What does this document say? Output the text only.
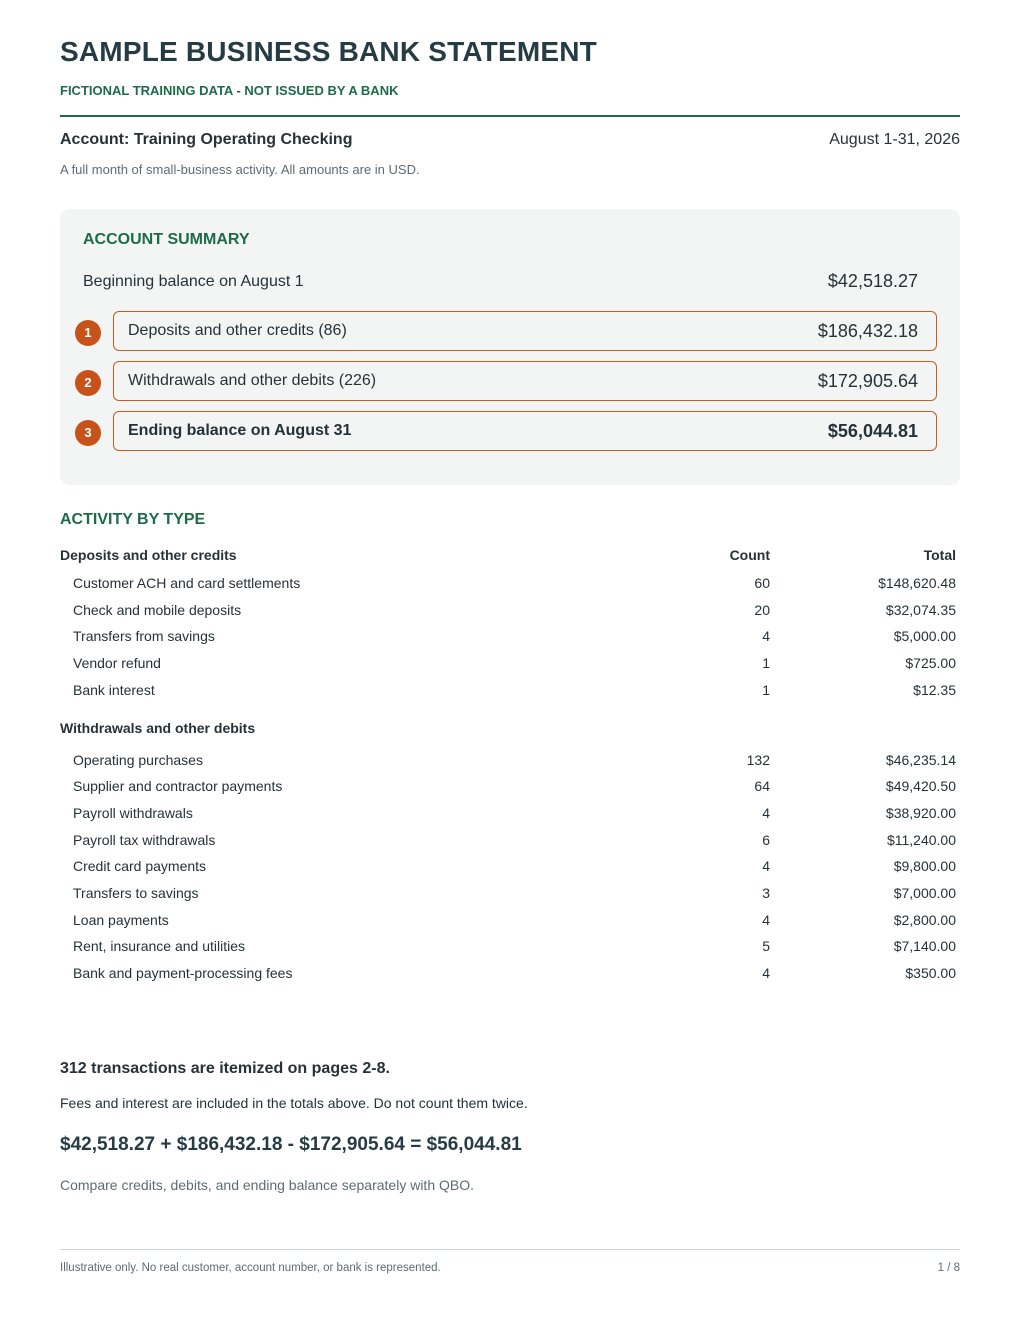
SAMPLE BUSINESS BANK STATEMENT
FICTIONAL TRAINING DATA - NOT ISSUED BY A BANK
Account: Training Operating Checking	August 1-31, 2026
A full month of small-business activity. All amounts are in USD.
ACCOUNT SUMMARY
Beginning balance on August 1	$42,518.27
1	Deposits and other credits (86)	$186,432.18
2	Withdrawals and other debits (226)	$172,905.64
3	Ending balance on August 31	$56,044.81
ACTIVITY BY TYPE
Deposits and other credits	Count	Total
Customer ACH and card settlements	60	$148,620.48
Check and mobile deposits	20	$32,074.35
Transfers from savings	4	$5,000.00
Vendor refund	1	$725.00
Bank interest	1	$12.35
Withdrawals and other debits
Operating purchases	132	$46,235.14
Supplier and contractor payments	64	$49,420.50
Payroll withdrawals	4	$38,920.00
Payroll tax withdrawals	6	$11,240.00
Credit card payments	4	$9,800.00
Transfers to savings	3	$7,000.00
Loan payments	4	$2,800.00
Rent, insurance and utilities	5	$7,140.00
Bank and payment-processing fees	4	$350.00
312 transactions are itemized on pages 2-8.
Fees and interest are included in the totals above. Do not count them twice.
$42,518.27 + $186,432.18 - $172,905.64 = $56,044.81
Compare credits, debits, and ending balance separately with QBO.
Illustrative only. No real customer, account number, or bank is represented.	1 / 8
